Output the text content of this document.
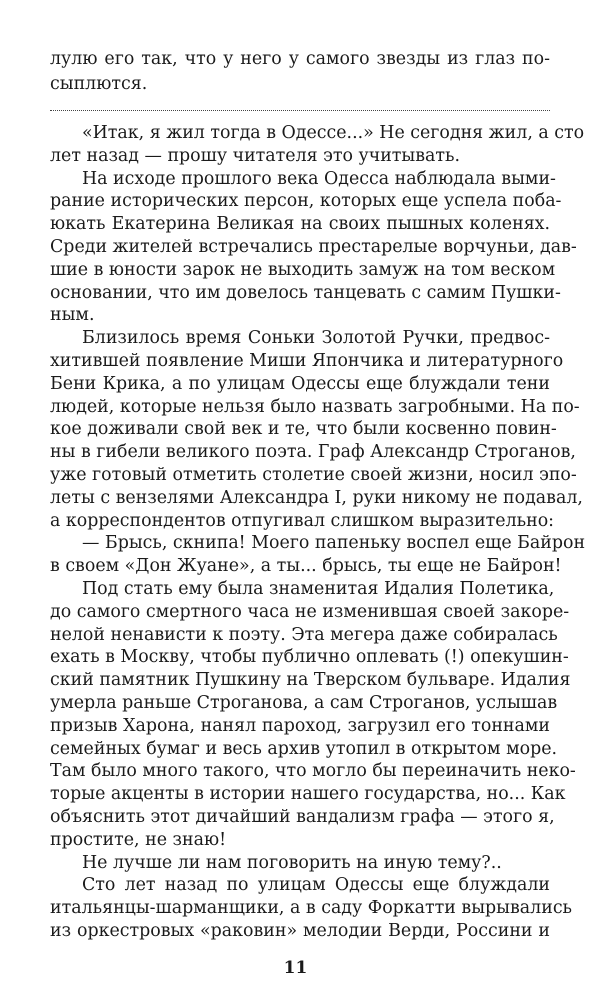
лулю его так, что у него у самого звезды из глаз по-
сыплются.
«Итак, я жил тогда в Одессе...» Не сегодня жил, а сто
лет назад — прошу читателя это учитывать.
На исходе прошлого века Одесса наблюдала выми-
рание исторических персон, которых еще успела поба-
юкать Екатерина Великая на своих пышных коленях.
Среди жителей встречались престарелые ворчуньи, дав-
шие в юности зарок не выходить замуж на том веском
основании, что им довелось танцевать с самим Пушки-
ным.
Близилось время Соньки Золотой Ручки, предвос-
хитившей появление Миши Япончика и литературного
Бени Крика, а по улицам Одессы еще блуждали тени
людей, которые нельзя было назвать загробными. На по-
кое доживали свой век и те, что были косвенно повин-
ны в гибели великого поэта. Граф Александр Строганов,
уже готовый отметить столетие своей жизни, носил эпо-
леты с вензелями Александра I, руки никому не подавал,
а корреспондентов отпугивал слишком выразительно:
— Брысь, скнипа! Моего папеньку воспел еще Байрон
в своем «Дон Жуане», а ты... брысь, ты еще не Байрон!
Под стать ему была знаменитая Идалия Полетика,
до самого смертного часа не изменившая своей закоре-
нелой ненависти к поэту. Эта мегера даже собиралась
ехать в Москву, чтобы публично оплевать (!) опекушин-
ский памятник Пушкину на Тверском бульваре. Идалия
умерла раньше Строганова, а сам Строганов, услышав
призыв Харона, нанял пароход, загрузил его тоннами
семейных бумаг и весь архив утопил в открытом море.
Там было много такого, что могло бы переиначить неко-
торые акценты в истории нашего государства, но... Как
объяснить этот дичайший вандализм графа — этого я,
простите, не знаю!
Не лучше ли нам поговорить на иную тему?..
Сто лет назад по улицам Одессы еще блуждали
итальянцы-шарманщики, а в саду Форкатти вырывались
из оркестровых «раковин» мелодии Верди, Россини и
11
